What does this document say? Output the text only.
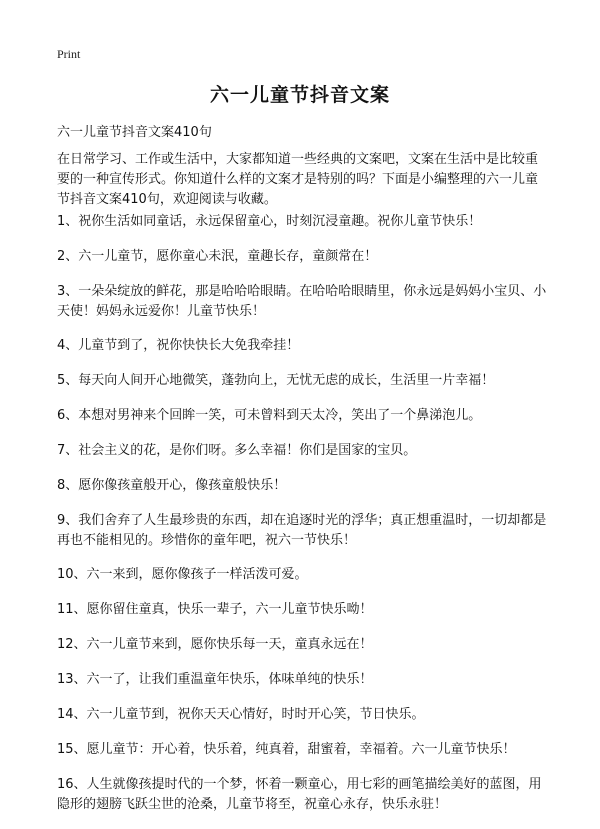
Print
六一儿童节抖音文案
六一儿童节抖音文案410句
在日常学习、工作或生活中，大家都知道一些经典的文案吧，文案在生活中是比较重要的一种宣传形式。你知道什么样的文案才是特别的吗？下面是小编整理的六一儿童节抖音文案410句，欢迎阅读与收藏。
1、祝你生活如同童话，永远保留童心，时刻沉浸童趣。祝你儿童节快乐！
2、六一儿童节，愿你童心未泯，童趣长存，童颜常在！
3、一朵朵绽放的鲜花，那是哈哈哈眼睛。在哈哈哈眼睛里，你永远是妈妈小宝贝、小天使！妈妈永远爱你！儿童节快乐！
4、儿童节到了，祝你快快长大免我牵挂！
5、每天向人间开心地微笑，蓬勃向上，无忧无虑的成长，生活里一片幸福！
6、本想对男神来个回眸一笑，可未曾料到天太冷，笑出了一个鼻涕泡儿。
7、社会主义的花，是你们呀。多么幸福！你们是国家的宝贝。
8、愿你像孩童般开心，像孩童般快乐！
9、我们舍弃了人生最珍贵的东西，却在追逐时光的浮华；真正想重温时，一切却都是再也不能相见的。珍惜你的童年吧，祝六一节快乐！
10、六一来到，愿你像孩子一样活泼可爱。
11、愿你留住童真，快乐一辈子，六一儿童节快乐呦！
12、六一儿童节来到，愿你快乐每一天，童真永远在！
13、六一了，让我们重温童年快乐，体味单纯的快乐！
14、六一儿童节到，祝你天天心情好，时时开心笑，节日快乐。
15、愿儿童节：开心着，快乐着，纯真着，甜蜜着，幸福着。六一儿童节快乐！
16、人生就像孩提时代的一个梦，怀着一颗童心，用七彩的画笔描绘美好的蓝图，用隐形的翅膀飞跃尘世的沧桑，儿童节将至，祝童心永存，快乐永驻！
